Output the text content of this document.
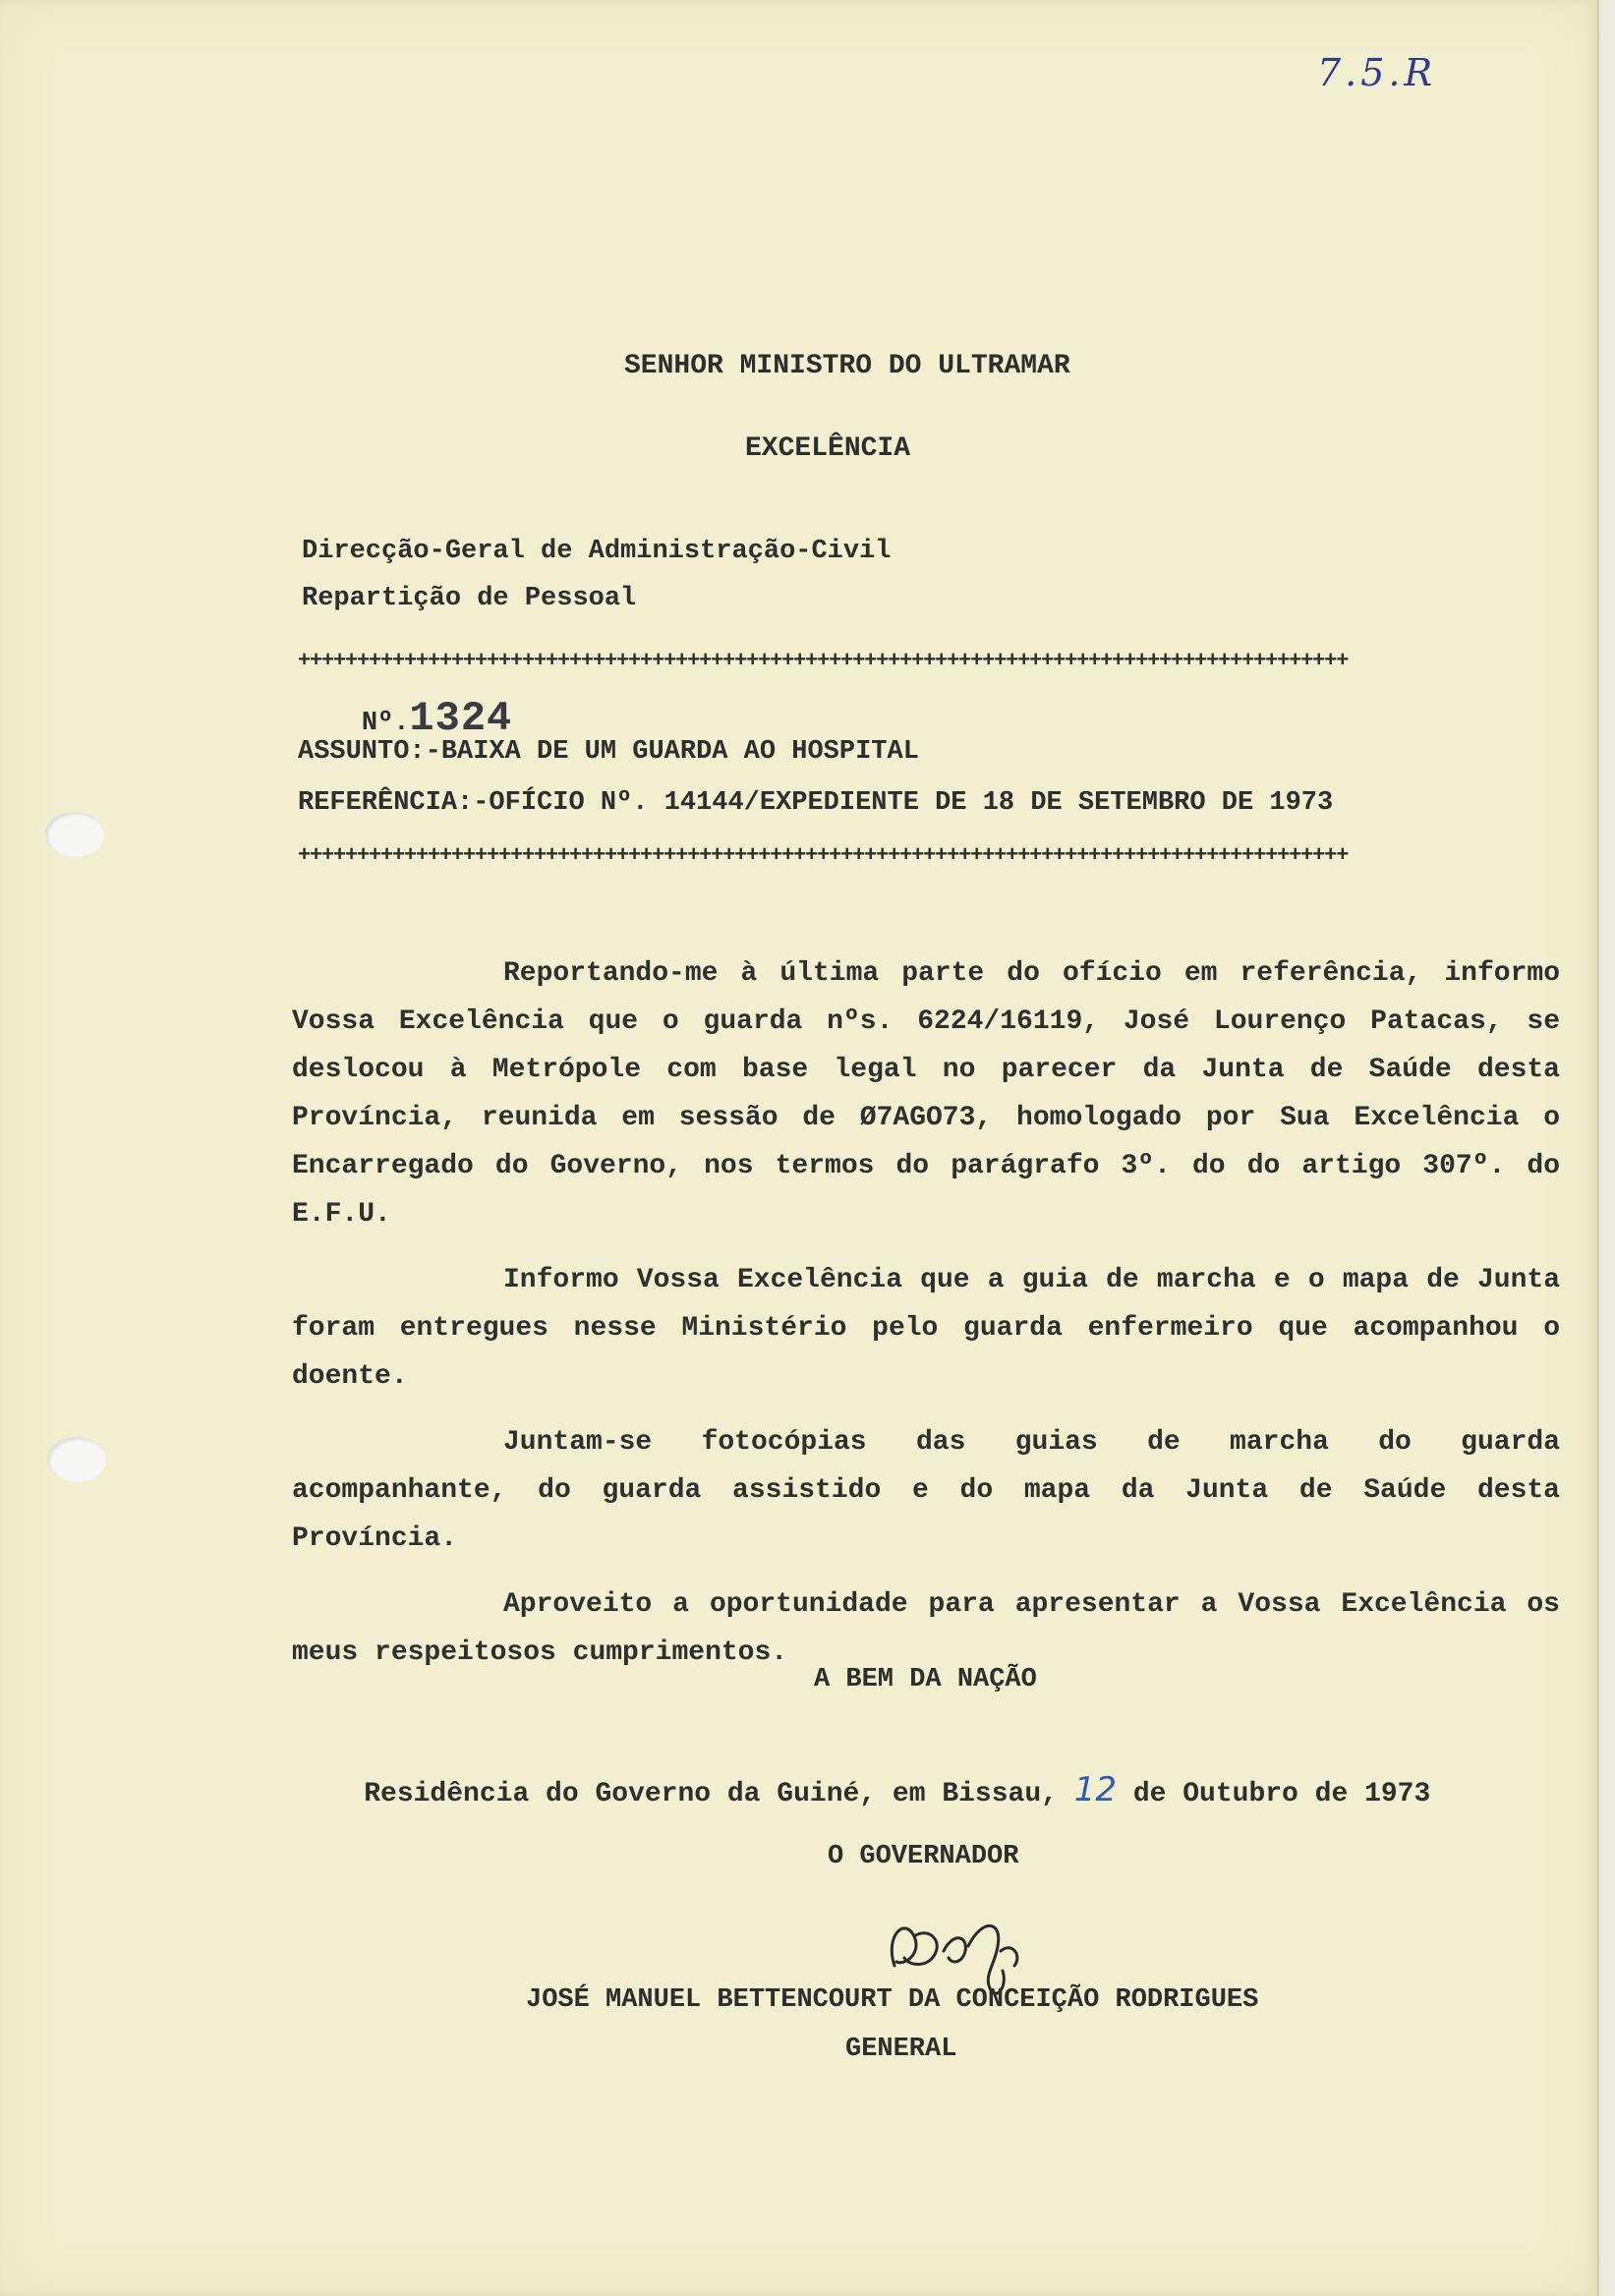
7.5.R
SENHOR MINISTRO DO ULTRAMAR
EXCELÊNCIA
Direcção-Geral de Administração-Civil
Repartição de Pessoal
+++++++++++++++++++++++++++++++++++++++++++++++++++++++++++++++++++++++++++++++++++++++++

Nº.1324

ASSUNTO:-BAIXA DE UM GUARDA AO HOSPITAL
REFERÊNCIA:-OFÍCIO Nº. 14144/EXPEDIENTE DE 18 DE SETEMBRO DE 1973
+++++++++++++++++++++++++++++++++++++++++++++++++++++++++++++++++++++++++++++++++++++++++

Reportando-me à última parte do ofício em referência, informo Vossa Excelência que o guarda nºs. 6224/16119, José Lourenço Patacas, se deslocou à Metrópole com base legal no parecer da Junta de Saúde desta Província, reunida em sessão de Ø7AGO73, homologado por Sua Excelência o Encarregado do Governo, nos termos do parágrafo 3º. do do artigo 307º. do E.F.U.

Informo Vossa Excelência que a guia de marcha e o mapa de Junta foram entregues nesse Ministério pelo guarda enfermeiro que acompanhou o doente.

Juntam-se fotocópias das guias de marcha do guarda acompanhante, do guarda assistido e do mapa da Junta de Saúde desta Província.

Aproveito a oportunidade para apresentar a Vossa Excelência os meus respeitosos cumprimentos.

A BEM DA NAÇÃO

Residência do Governo da Guiné, em Bissau, 12 de Outubro de 1973

O GOVERNADOR
JOSÉ MANUEL BETTENCOURT DA CONCEIÇÃO RODRIGUES
GENERAL
